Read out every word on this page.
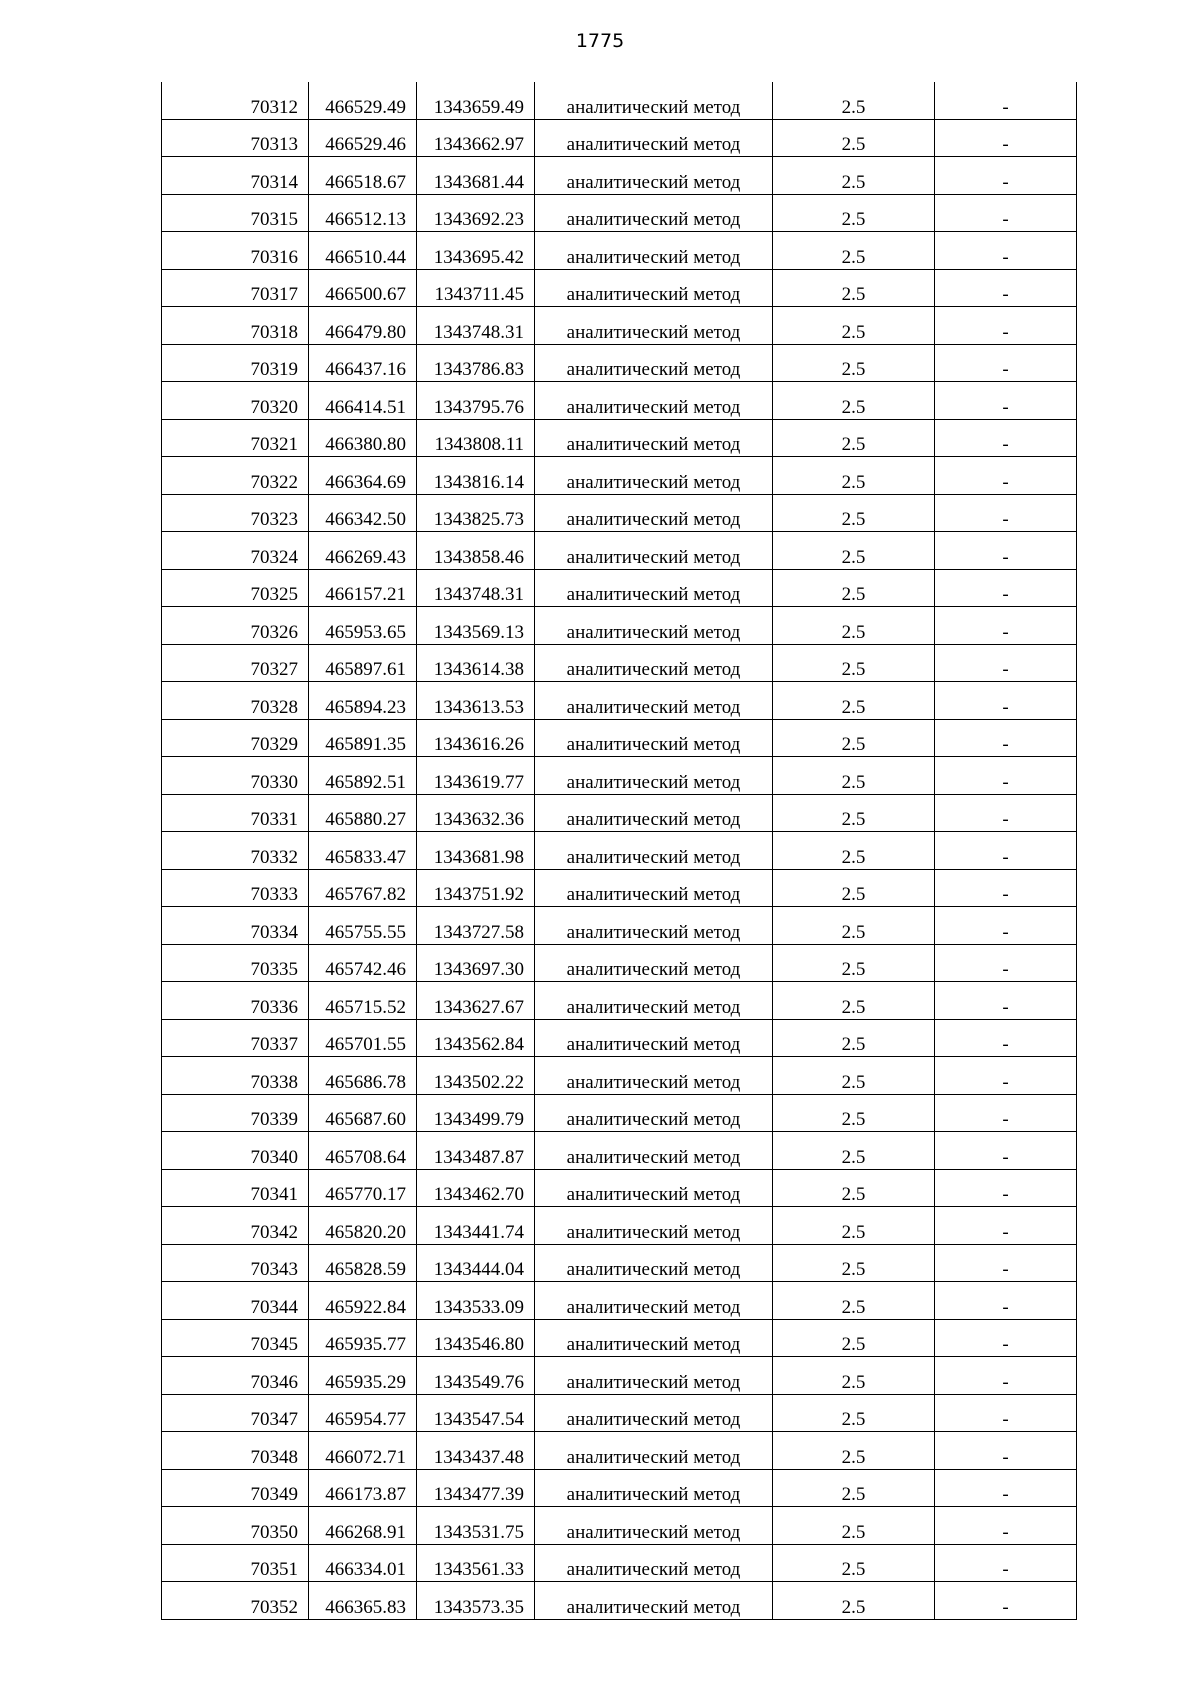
1775
70312	466529.49	1343659.49	аналитический метод	2.5	-

70313	466529.46	1343662.97	аналитический метод	2.5	-

70314	466518.67	1343681.44	аналитический метод	2.5	-

70315	466512.13	1343692.23	аналитический метод	2.5	-

70316	466510.44	1343695.42	аналитический метод	2.5	-

70317	466500.67	1343711.45	аналитический метод	2.5	-

70318	466479.80	1343748.31	аналитический метод	2.5	-

70319	466437.16	1343786.83	аналитический метод	2.5	-

70320	466414.51	1343795.76	аналитический метод	2.5	-

70321	466380.80	1343808.11	аналитический метод	2.5	-

70322	466364.69	1343816.14	аналитический метод	2.5	-

70323	466342.50	1343825.73	аналитический метод	2.5	-

70324	466269.43	1343858.46	аналитический метод	2.5	-

70325	466157.21	1343748.31	аналитический метод	2.5	-

70326	465953.65	1343569.13	аналитический метод	2.5	-

70327	465897.61	1343614.38	аналитический метод	2.5	-

70328	465894.23	1343613.53	аналитический метод	2.5	-

70329	465891.35	1343616.26	аналитический метод	2.5	-

70330	465892.51	1343619.77	аналитический метод	2.5	-

70331	465880.27	1343632.36	аналитический метод	2.5	-

70332	465833.47	1343681.98	аналитический метод	2.5	-

70333	465767.82	1343751.92	аналитический метод	2.5	-

70334	465755.55	1343727.58	аналитический метод	2.5	-

70335	465742.46	1343697.30	аналитический метод	2.5	-

70336	465715.52	1343627.67	аналитический метод	2.5	-

70337	465701.55	1343562.84	аналитический метод	2.5	-

70338	465686.78	1343502.22	аналитический метод	2.5	-

70339	465687.60	1343499.79	аналитический метод	2.5	-

70340	465708.64	1343487.87	аналитический метод	2.5	-

70341	465770.17	1343462.70	аналитический метод	2.5	-

70342	465820.20	1343441.74	аналитический метод	2.5	-

70343	465828.59	1343444.04	аналитический метод	2.5	-

70344	465922.84	1343533.09	аналитический метод	2.5	-

70345	465935.77	1343546.80	аналитический метод	2.5	-

70346	465935.29	1343549.76	аналитический метод	2.5	-

70347	465954.77	1343547.54	аналитический метод	2.5	-

70348	466072.71	1343437.48	аналитический метод	2.5	-

70349	466173.87	1343477.39	аналитический метод	2.5	-

70350	466268.91	1343531.75	аналитический метод	2.5	-

70351	466334.01	1343561.33	аналитический метод	2.5	-

70352	466365.83	1343573.35	аналитический метод	2.5	-
